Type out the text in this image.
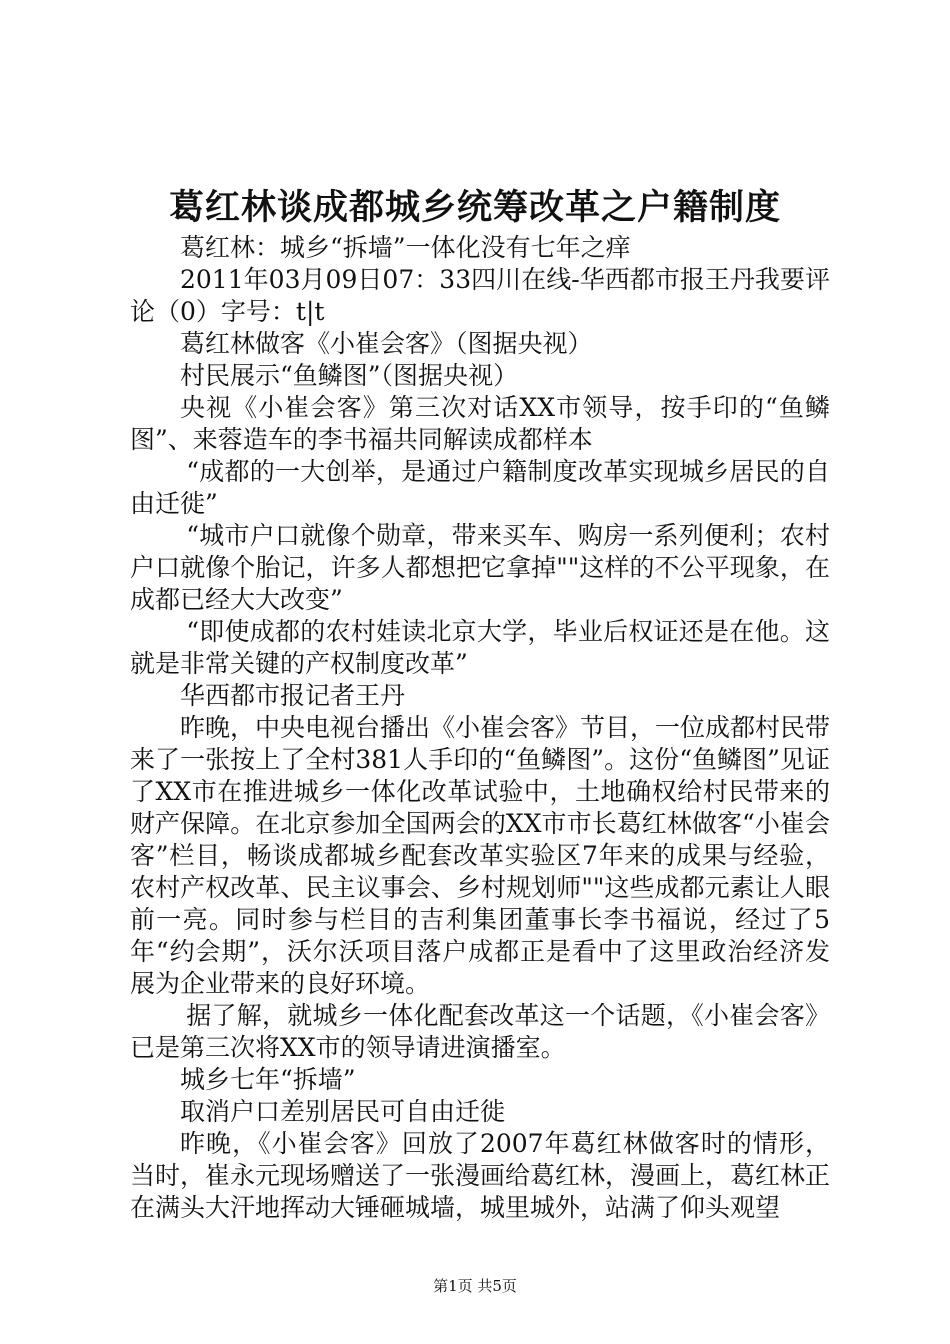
葛红林谈成都城乡统筹改革之户籍制度

葛红林：城乡“拆墙”一体化没有七年之痒

2011年03月09日07：33四川在线-华西都市报王丹我要评论（0）字号：t|t

葛红林做客《小崔会客》（图据央视）

村民展示“鱼鳞图”（图据央视）

央视《小崔会客》第三次对话XX市领导，按手印的“鱼鳞图”、来蓉造车的李书福共同解读成都样本

“成都的一大创举，是通过户籍制度改革实现城乡居民的自由迁徙”

“城市户口就像个勋章，带来买车、购房一系列便利；农村户口就像个胎记，许多人都想把它拿掉""这样的不公平现象，在成都已经大大改变”

“即使成都的农村娃读北京大学，毕业后权证还是在他。这就是非常关键的产权制度改革”

华西都市报记者王丹

昨晚，中央电视台播出《小崔会客》节目，一位成都村民带来了一张按上了全村381人手印的“鱼鳞图”。这份“鱼鳞图”见证了XX市在推进城乡一体化改革试验中，土地确权给村民带来的财产保障。在北京参加全国两会的XX市市长葛红林做客“小崔会客”栏目，畅谈成都城乡配套改革实验区7年来的成果与经验，农村产权改革、民主议事会、乡村规划师""这些成都元素让人眼前一亮。同时参与栏目的吉利集团董事长李书福说，经过了5年“约会期”，沃尔沃项目落户成都正是看中了这里政治经济发展为企业带来的良好环境。

据了解，就城乡一体化配套改革这一个话题，《小崔会客》已是第三次将XX市的领导请进演播室。

城乡七年“拆墙”

取消户口差别居民可自由迁徙

昨晚，《小崔会客》回放了2007年葛红林做客时的情形，当时，崔永元现场赠送了一张漫画给葛红林，漫画上，葛红林正在满头大汗地挥动大锤砸城墙，城里城外，站满了仰头观望

第1页 共5页
